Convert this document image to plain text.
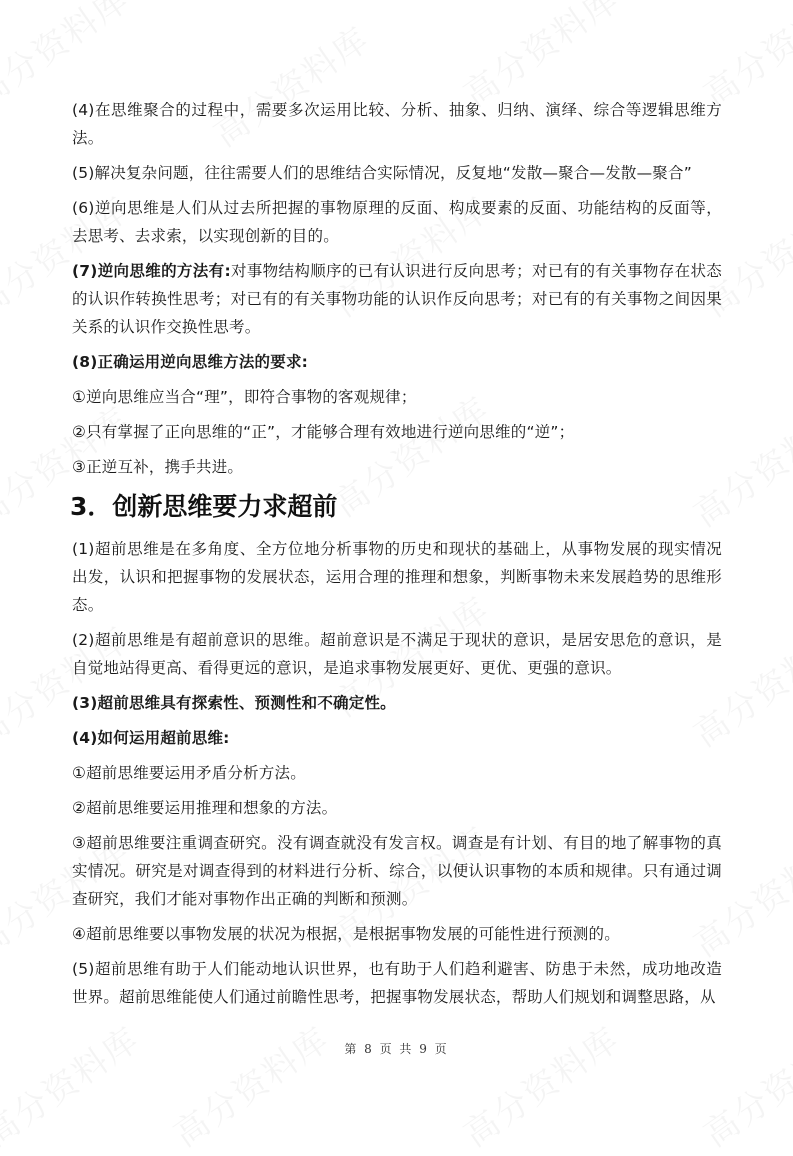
(4)在思维聚合的过程中，需要多次运用比较、分析、抽象、归纳、演绎、综合等逻辑思维方法。

(5)解决复杂问题，往往需要人们的思维结合实际情况，反复地“发散—聚合—发散—聚合”

(6)逆向思维是人们从过去所把握的事物原理的反面、构成要素的反面、功能结构的反面等，去思考、去求索，以实现创新的目的。

(7)逆向思维的方法有:对事物结构顺序的已有认识进行反向思考；对已有的有关事物存在状态的认识作转换性思考；对已有的有关事物功能的认识作反向思考；对已有的有关事物之间因果关系的认识作交换性思考。

(8)正确运用逆向思维方法的要求:

①逆向思维应当合“理”，即符合事物的客观规律；

②只有掌握了正向思维的“正”，才能够合理有效地进行逆向思维的“逆”；

③正逆互补，携手共进。

3．创新思维要力求超前

(1)超前思维是在多角度、全方位地分析事物的历史和现状的基础上，从事物发展的现实情况出发，认识和把握事物的发展状态，运用合理的推理和想象，判断事物未来发展趋势的思维形态。

(2)超前思维是有超前意识的思维。超前意识是不满足于现状的意识，是居安思危的意识，是自觉地站得更高、看得更远的意识，是追求事物发展更好、更优、更强的意识。

(3)超前思维具有探索性、预测性和不确定性。

(4)如何运用超前思维:

①超前思维要运用矛盾分析方法。

②超前思维要运用推理和想象的方法。

③超前思维要注重调查研究。没有调查就没有发言权。调查是有计划、有目的地了解事物的真实情况。研究是对调查得到的材料进行分析、综合，以便认识事物的本质和规律。只有通过调查研究，我们才能对事物作出正确的判断和预测。

④超前思维要以事物发展的状况为根据，是根据事物发展的可能性进行预测的。

(5)超前思维有助于人们能动地认识世界，也有助于人们趋利避害、防患于未然，成功地改造世界。超前思维能使人们通过前瞻性思考，把握事物发展状态，帮助人们规划和调整思路，从

第 8 页 共 9 页
